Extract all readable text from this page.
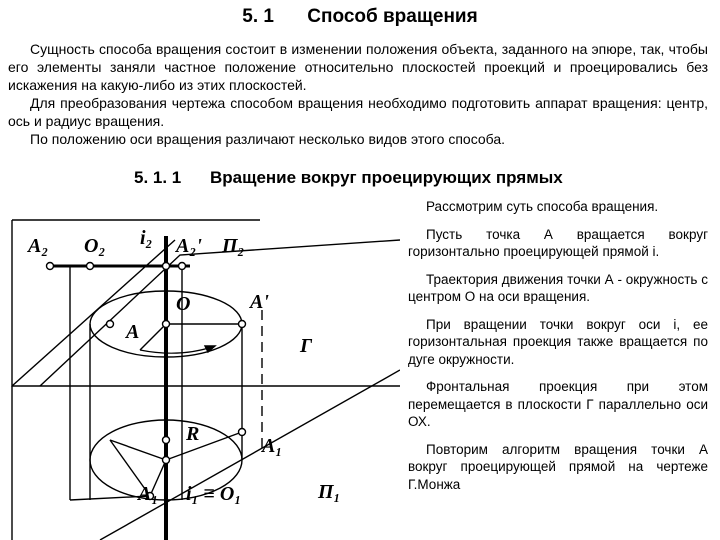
5. 1 Способ вращения

Сущность способа вращения состоит в изменении положения объекта, заданного на эпюре, так, чтобы его элементы заняли частное положение относительно плоскостей проекций и проецировались без искажения на какую-либо из этих плоскостей.

Для преобразования чертежа способом вращения необходимо подготовить аппарат вращения: центр, ось и радиус вращения.

По положению оси вращения различают несколько видов этого способа.

5. 1. 1 Вращение вокруг проецирующих прямых
A₂ O₂ i₂ A₂' П₂
O
A
A'
Г
R
A₁
A₁ i₁ ≡ O₁	П₁

Рассмотрим суть способа вращения.

Пусть точка А вращается вокруг горизонтально проецирующей прямой i.

Траектория движения точки А - окружность с центром О на оси вращения.

При вращении точки вокруг оси i, ее горизонтальная проекция также вращается по дуге окружности.

Фронтальная проекция при этом перемещается в плоскости Г параллельно оси ОХ.

Повторим алгоритм вращения точки А вокруг проецирующей прямой на чертеже Г.Монжа
